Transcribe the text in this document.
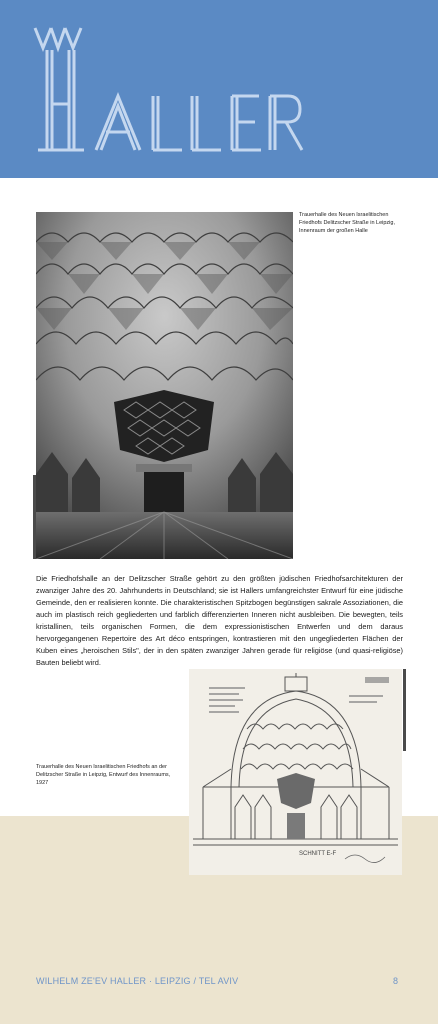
Trauerhalle des Neuen Israelitischen
Friedhofs Delitzscher Straße in Leipzig,
Innenraum der großen Halle
Die Friedhofshalle an der Delitzscher Straße gehört zu den größten jüdischen Friedhofsarchitekturen der zwanziger Jahre des 20. Jahrhunderts in Deutschland; sie ist Hallers umfangreichster Entwurf für eine jüdische Gemeinde, den er realisieren konnte. Die charakteristischen Spitzbogen begünstigen sakrale Assoziationen, die auch im plastisch reich gegliederten und farblich differenzierten Inneren nicht ausbleiben. Die bewegten, teils kristallinen, teils organischen Formen, die dem expressionistischen Entwerfen und dem daraus hervorgegangenen Repertoire des Art déco entspringen, kontrastieren mit den ungegliederten Flächen der Kuben eines „heroischen Stils", der in den späten zwanziger Jahren gerade für religiöse (und quasi-religiöse) Bauten beliebt wird.
Trauerhalle des Neuen Israelitischen Friedhofs an der
Delitzscher Straße in Leipzig, Entwurf des Innenraums, 1927
SCHNITT E-F
WILHELM ZE'EV HALLER · LEIPZIG / TEL AVIV	8
